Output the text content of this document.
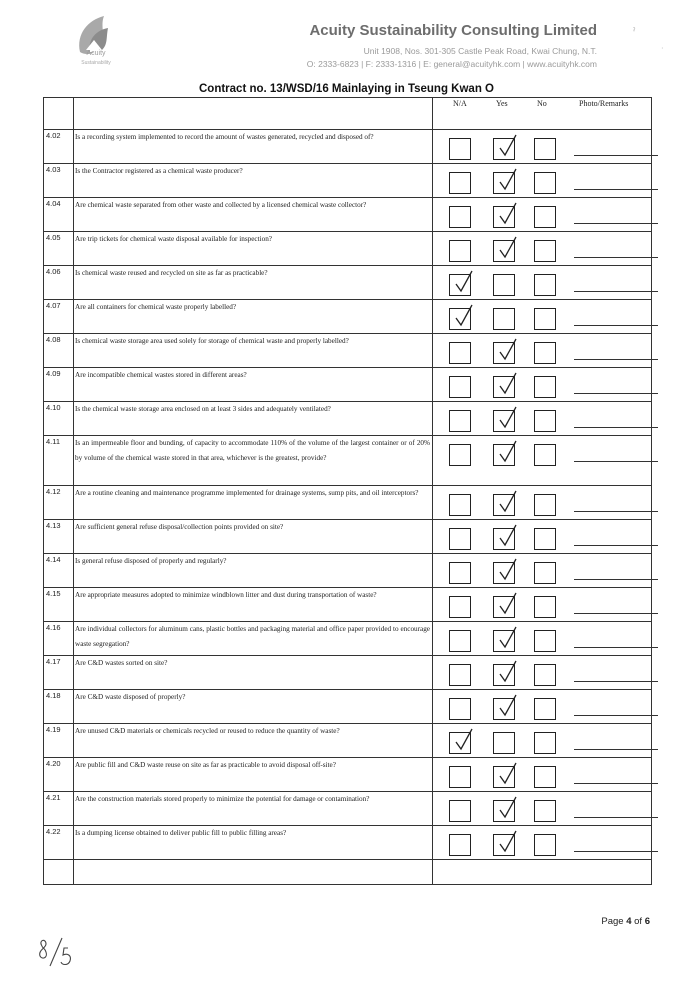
Acuity
Sustainability
Acuity Sustainability Consulting Limited
Unit 1908, Nos. 301-305 Castle Peak Road, Kwai Chung, N.T.
O: 2333-6823 | F: 2333-1316 | E: general@acuityhk.com | www.acuityhk.com
ˀ
·
Contract no. 13/WSD/16 Mainlaying in Tseung Kwan O

		N/A Yes No Photo/Remarks

4.02	Is a recording system implemented to record the amount of wastes generated, recycled and disposed of?	

4.03	Is the Contractor registered as a chemical waste producer?	

4.04	Are chemical waste separated from other waste and collected by a licensed chemical waste collector?	

4.05	Are trip tickets for chemical waste disposal available for inspection?	

4.06	Is chemical waste reused and recycled on site as far as practicable?	

4.07	Are all containers for chemical waste properly labelled?	

4.08	Is chemical waste storage area used solely for storage of chemical waste and properly labelled?	

4.09	Are incompatible chemical wastes stored in different areas?	

4.10	Is the chemical waste storage area enclosed on at least 3 sides and adequately ventilated?	

4.11	Is an impermeable floor and bunding, of capacity to accommodate 110% of the volume of the largest container or of 20% by volume of the chemical waste stored in that area, whichever is the greatest, provide?	

4.12	Are a routine cleaning and maintenance programme implemented for drainage systems, sump pits, and oil interceptors?	

4.13	Are sufficient general refuse disposal/collection points provided on site?	

4.14	Is general refuse disposed of properly and regularly?	

4.15	Are appropriate measures adopted to minimize windblown litter and dust during transportation of waste?	

4.16	Are individual collectors for aluminum cans, plastic bottles and packaging material and office paper provided to encourage waste segregation?	

4.17	Are C&D wastes sorted on site?	

4.18	Are C&D waste disposed of properly?	

4.19	Are unused C&D materials or chemicals recycled or reused to reduce the quantity of waste?	

4.20	Are public fill and C&D waste reuse on site as far as practicable to avoid disposal off-site?	

4.21	Are the construction materials stored properly to minimize the potential for damage or contamination?	

4.22	Is a dumping license obtained to deliver public fill to public filling areas?	

Page 4 of 6
